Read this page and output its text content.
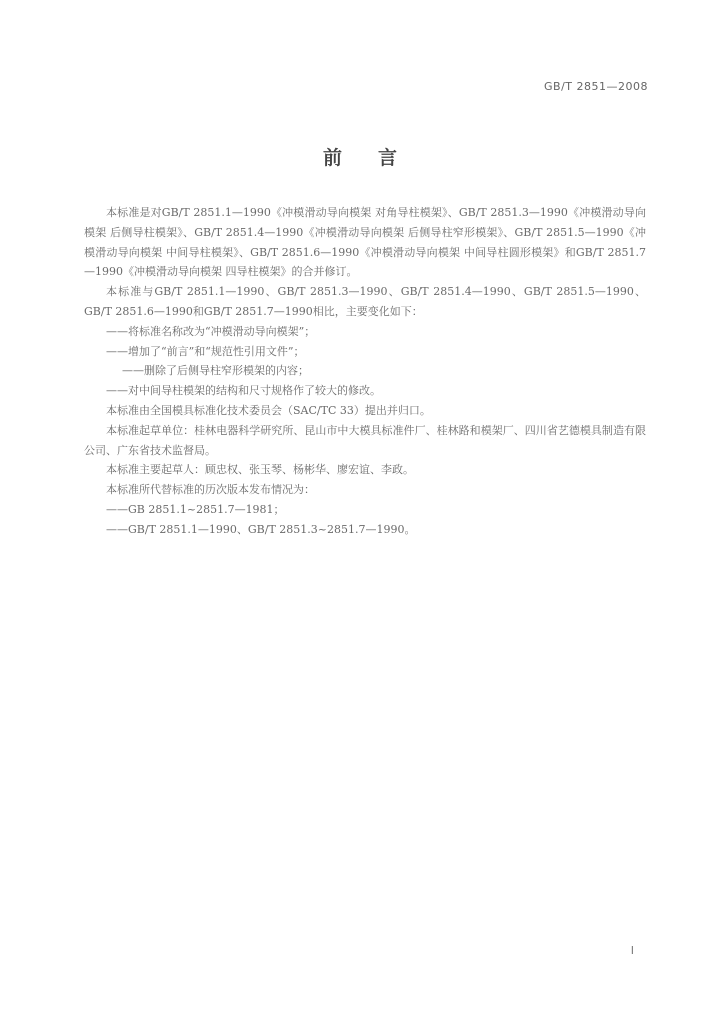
GB/T 2851—2008
前言

本标准是对GB/T 2851.1—1990《冲模滑动导向模架 对角导柱模架》、GB/T 2851.3—1990《冲模滑动导向模架 后侧导柱模架》、GB/T 2851.4—1990《冲模滑动导向模架 后侧导柱窄形模架》、GB/T 2851.5—1990《冲模滑动导向模架 中间导柱模架》、GB/T 2851.6—1990《冲模滑动导向模架 中间导柱圆形模架》和GB/T 2851.7—1990《冲模滑动导向模架 四导柱模架》的合并修订。

本标准与GB/T 2851.1—1990、GB/T 2851.3—1990、GB/T 2851.4—1990、GB/T 2851.5—1990、GB/T 2851.6—1990和GB/T 2851.7—1990相比，主要变化如下：

——将标准名称改为“冲模滑动导向模架”；

——增加了“前言”和“规范性引用文件”；

——删除了后侧导柱窄形模架的内容；

——对中间导柱模架的结构和尺寸规格作了较大的修改。

本标准由全国模具标准化技术委员会（SAC/TC 33）提出并归口。

本标准起草单位：桂林电器科学研究所、昆山市中大模具标准件厂、桂林路和模架厂、四川省艺德模具制造有限公司、广东省技术监督局。

本标准主要起草人：顾忠权、张玉琴、杨彬华、廖宏谊、李政。

本标准所代替标准的历次版本发布情况为：

——GB 2851.1~2851.7—1981；

——GB/T 2851.1—1990、GB/T 2851.3~2851.7—1990。

I
